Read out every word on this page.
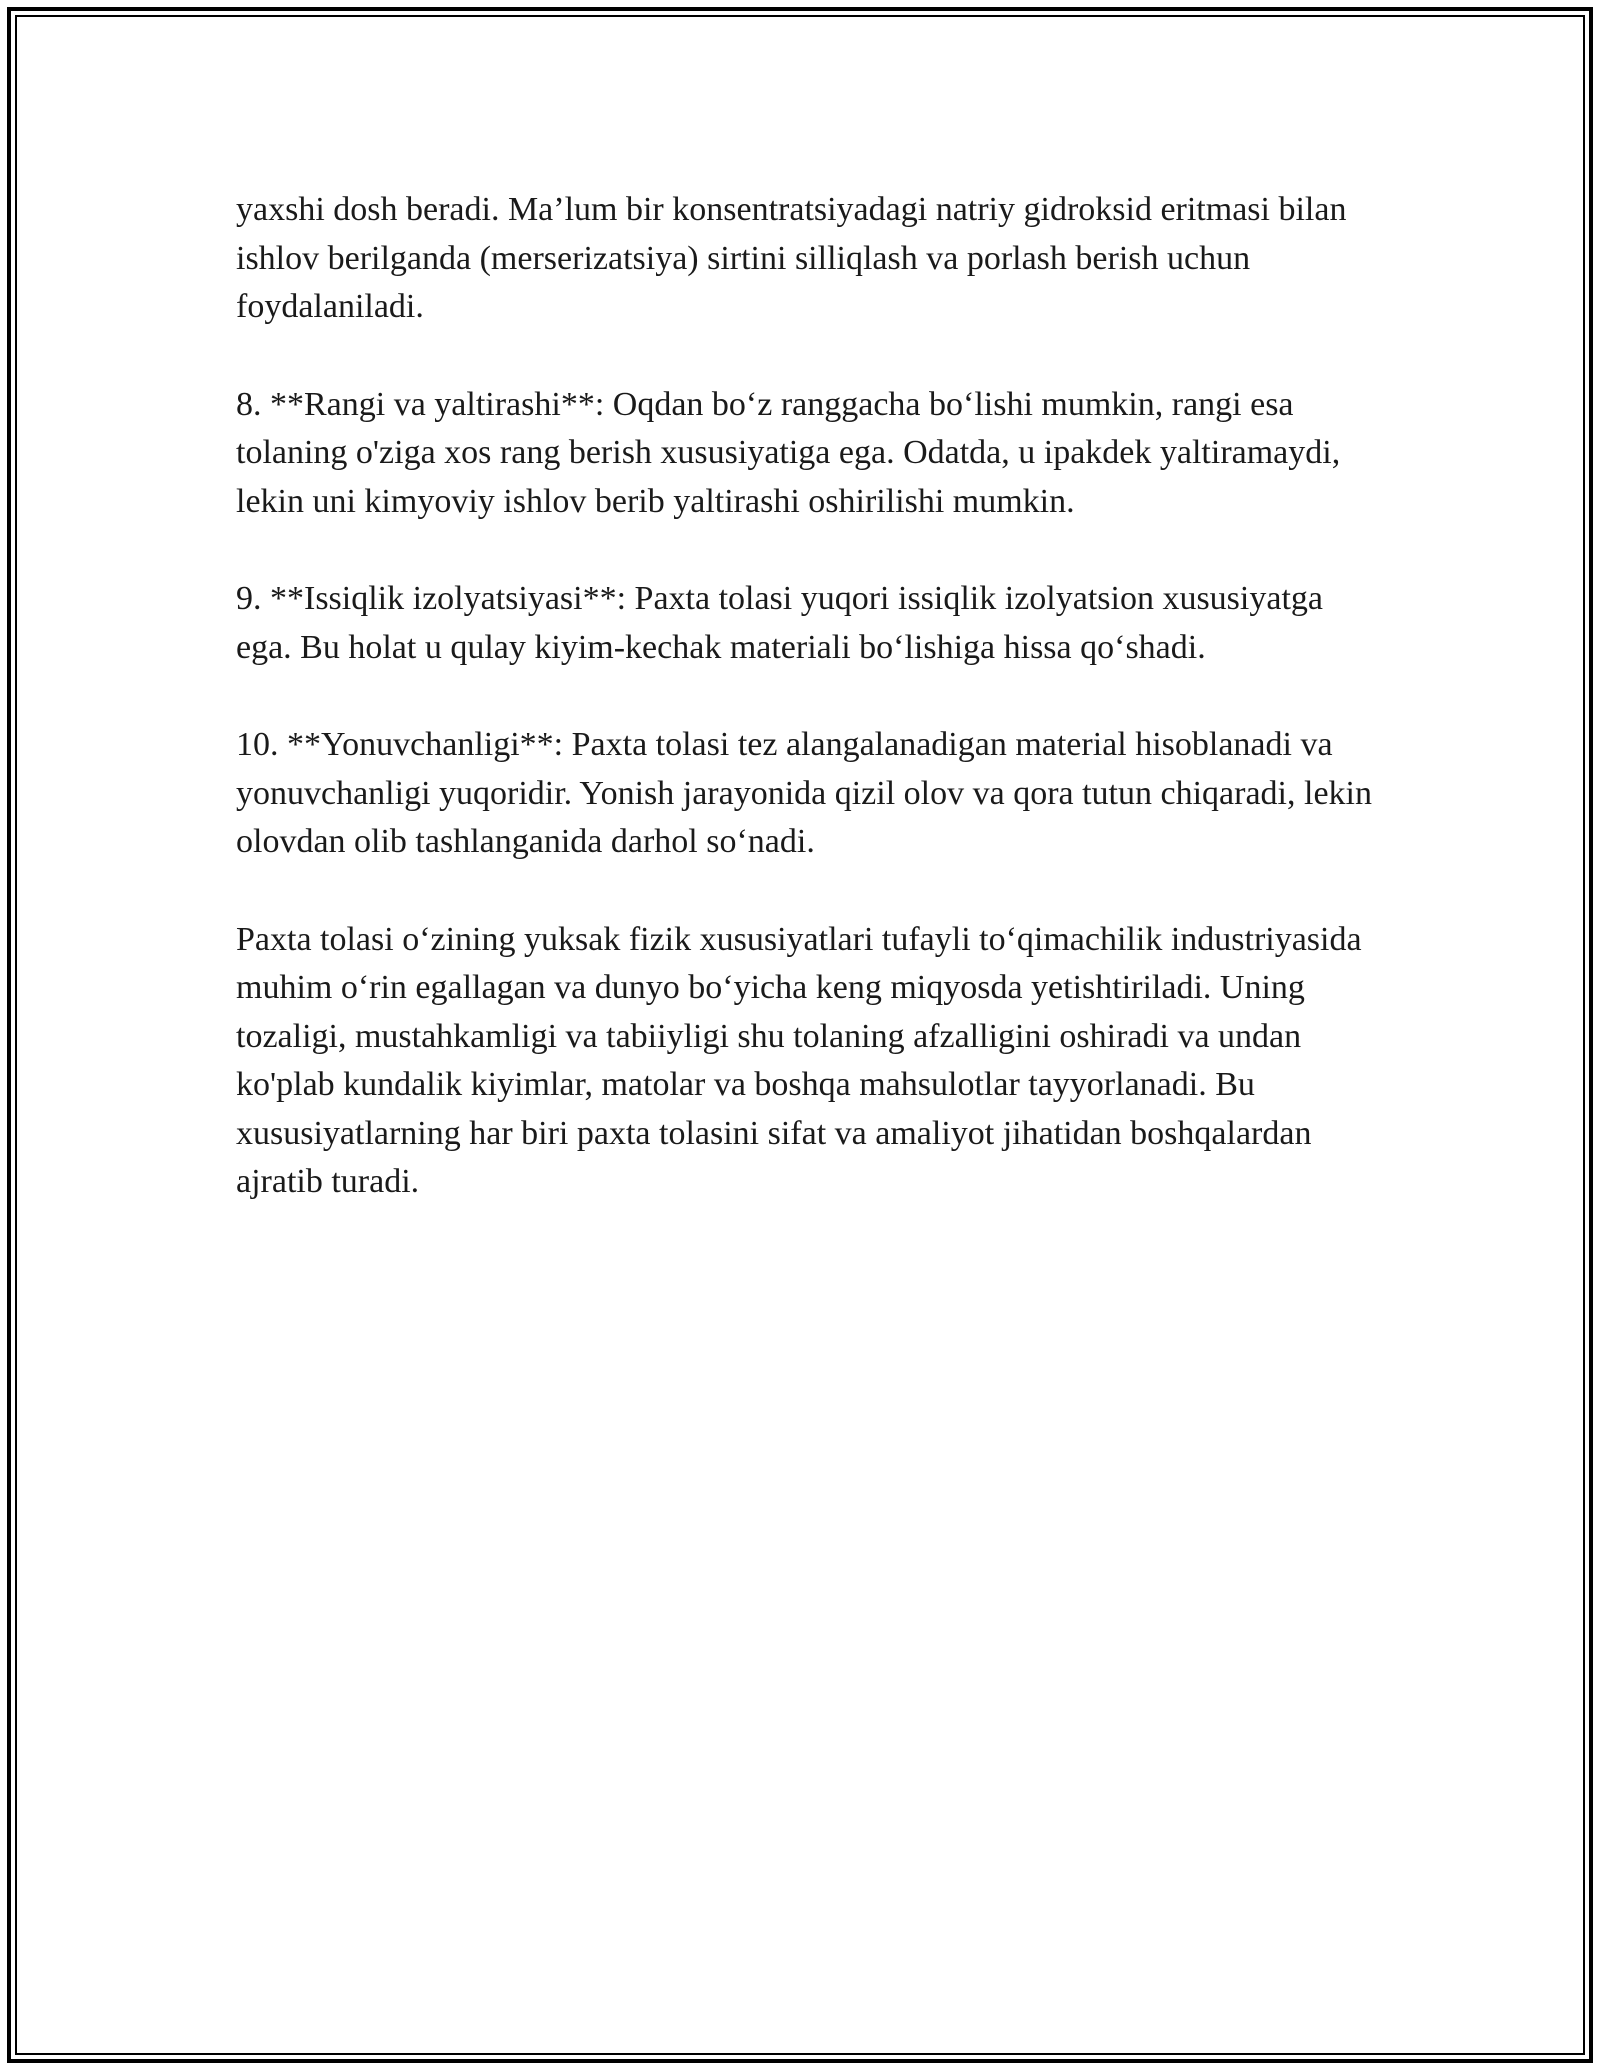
yaxshi dosh beradi. Ma’lum bir konsentratsiyadagi natriy gidroksid eritmasi bilan ishlov berilganda (merserizatsiya) sirtini silliqlash va porlash berish uchun foydalaniladi.

8. **Rangi va yaltirashi**: Oqdan bo‘z ranggacha bo‘lishi mumkin, rangi esa tolaning o'ziga xos rang berish xususiyatiga ega. Odatda, u ipakdek yaltiramaydi, lekin uni kimyoviy ishlov berib yaltirashi oshirilishi mumkin.

9. **Issiqlik izolyatsiyasi**: Paxta tolasi yuqori issiqlik izolyatsion xususiyatga ega. Bu holat u qulay kiyim-kechak materiali bo‘lishiga hissa qo‘shadi.

10. **Yonuvchanligi**: Paxta tolasi tez alangalanadigan material hisoblanadi va yonuvchanligi yuqoridir. Yonish jarayonida qizil olov va qora tutun chiqaradi, lekin olovdan olib tashlanganida darhol so‘nadi.

Paxta tolasi o‘zining yuksak fizik xususiyatlari tufayli to‘qimachilik industriyasida muhim o‘rin egallagan va dunyo bo‘yicha keng miqyosda yetishtiriladi. Uning tozaligi, mustahkamligi va tabiiyligi shu tolaning afzalligini oshiradi va undan ko'plab kundalik kiyimlar, matolar va boshqa mahsulotlar tayyorlanadi. Bu xususiyatlarning har biri paxta tolasini sifat va amaliyot jihatidan boshqalardan ajratib turadi.
